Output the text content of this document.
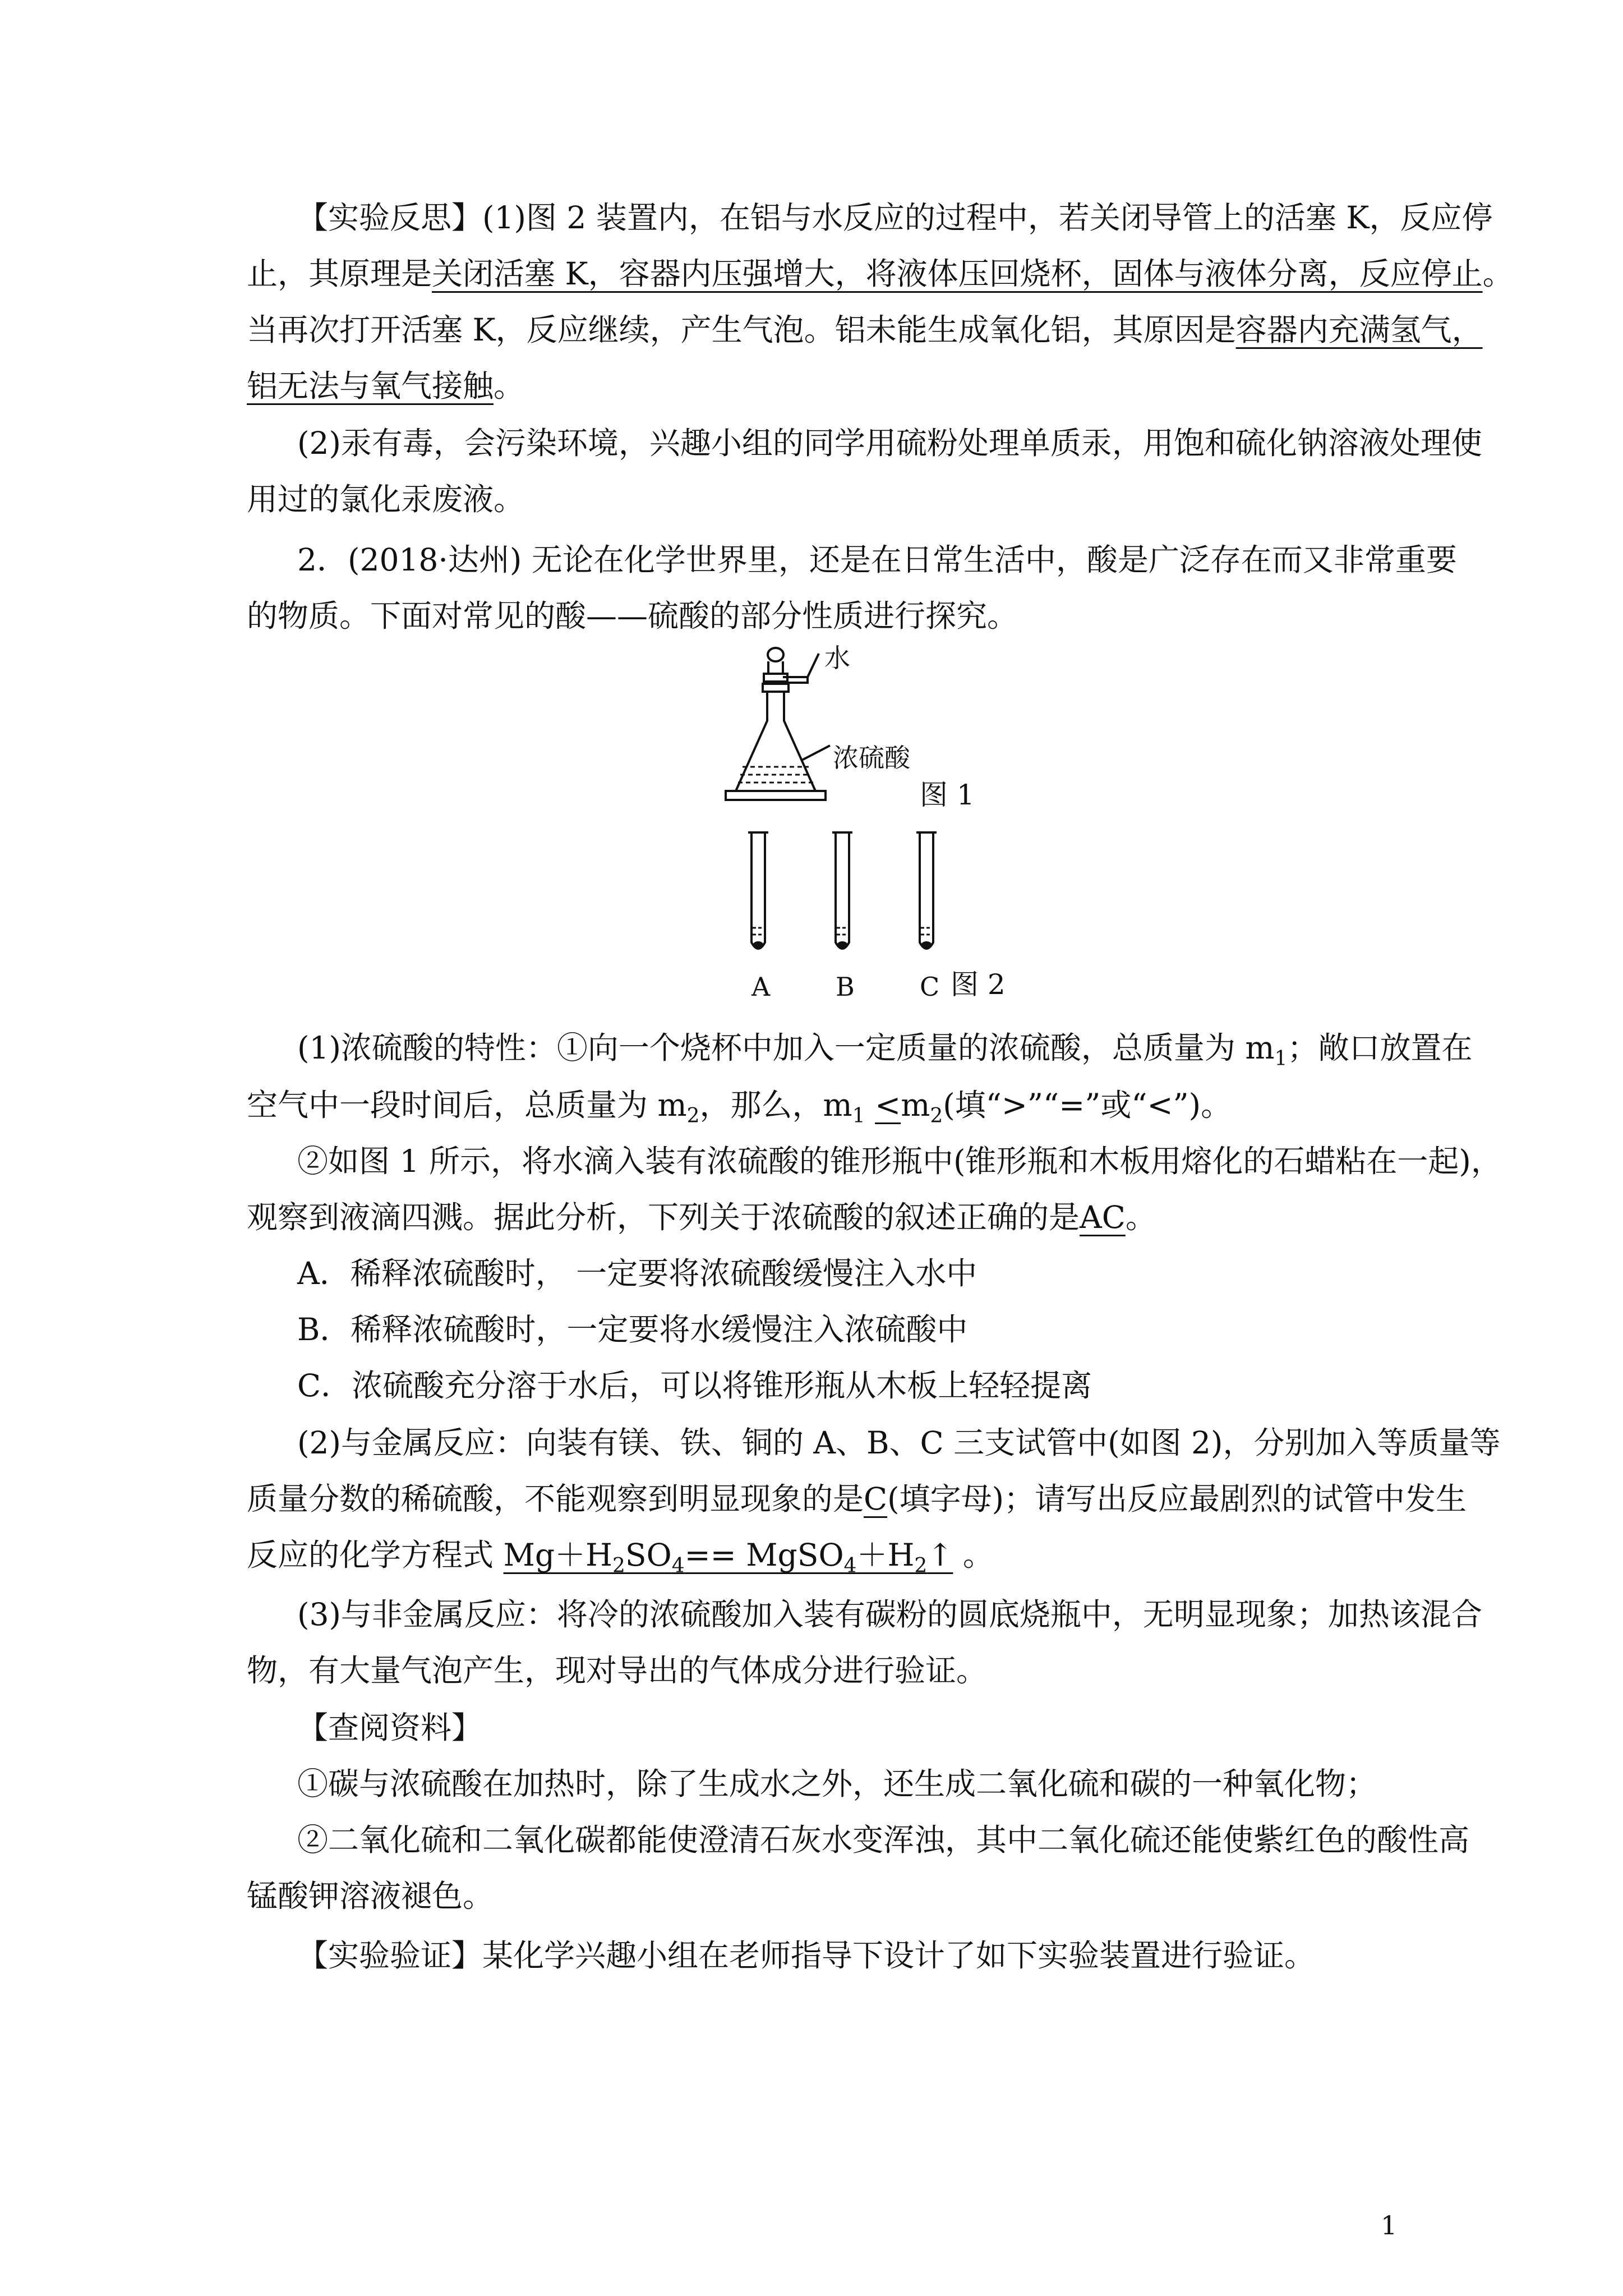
【实验反思】(1)图 2 装置内，在铝与水反应的过程中，若关闭导管上的活塞 K，反应停
止，其原理是关闭活塞 K，容器内压强增大，将液体压回烧杯，固体与液体分离，反应停止。
当再次打开活塞 K，反应继续，产生气泡。铝未能生成氧化铝，其原因是容器内充满氢气，
铝无法与氧气接触。
(2)汞有毒，会污染环境，兴趣小组的同学用硫粉处理单质汞，用饱和硫化钠溶液处理使
用过的氯化汞废液。
2．(2018·达州) 无论在化学世界里，还是在日常生活中，酸是广泛存在而又非常重要
的物质。下面对常见的酸——硫酸的部分性质进行探究。
水
浓硫酸
图 1
A	B	C 图 2
(1)浓硫酸的特性：①向一个烧杯中加入一定质量的浓硫酸，总质量为 $m_1$；敞口放置在
空气中一段时间后，总质量为 $m_2$，那么，$m_1 <m_2$(填“>”“=”或“<”)。
②如图 1 所示，将水滴入装有浓硫酸的锥形瓶中(锥形瓶和木板用熔化的石蜡粘在一起)，
观察到液滴四溅。据此分析，下列关于浓硫酸的叙述正确的是AC。
A．稀释浓硫酸时， 一定要将浓硫酸缓慢注入水中
B．稀释浓硫酸时，一定要将水缓慢注入浓硫酸中
C．浓硫酸充分溶于水后，可以将锥形瓶从木板上轻轻提离
(2)与金属反应：向装有镁、铁、铜的 A、B、C 三支试管中(如图 2)，分别加入等质量等
质量分数的稀硫酸，不能观察到明显现象的是C(填字母)；请写出反应最剧烈的试管中发生
反应的化学方程式 $Mg+H_2SO_4==$ $MgSO_4+H_2↑$ 。
(3)与非金属反应：将冷的浓硫酸加入装有碳粉的圆底烧瓶中，无明显现象；加热该混合
物，有大量气泡产生，现对导出的气体成分进行验证。
【查阅资料】
①碳与浓硫酸在加热时，除了生成水之外，还生成二氧化硫和碳的一种氧化物；
②二氧化硫和二氧化碳都能使澄清石灰水变浑浊，其中二氧化硫还能使紫红色的酸性高
锰酸钾溶液褪色。
【实验验证】某化学兴趣小组在老师指导下设计了如下实验装置进行验证。
1
